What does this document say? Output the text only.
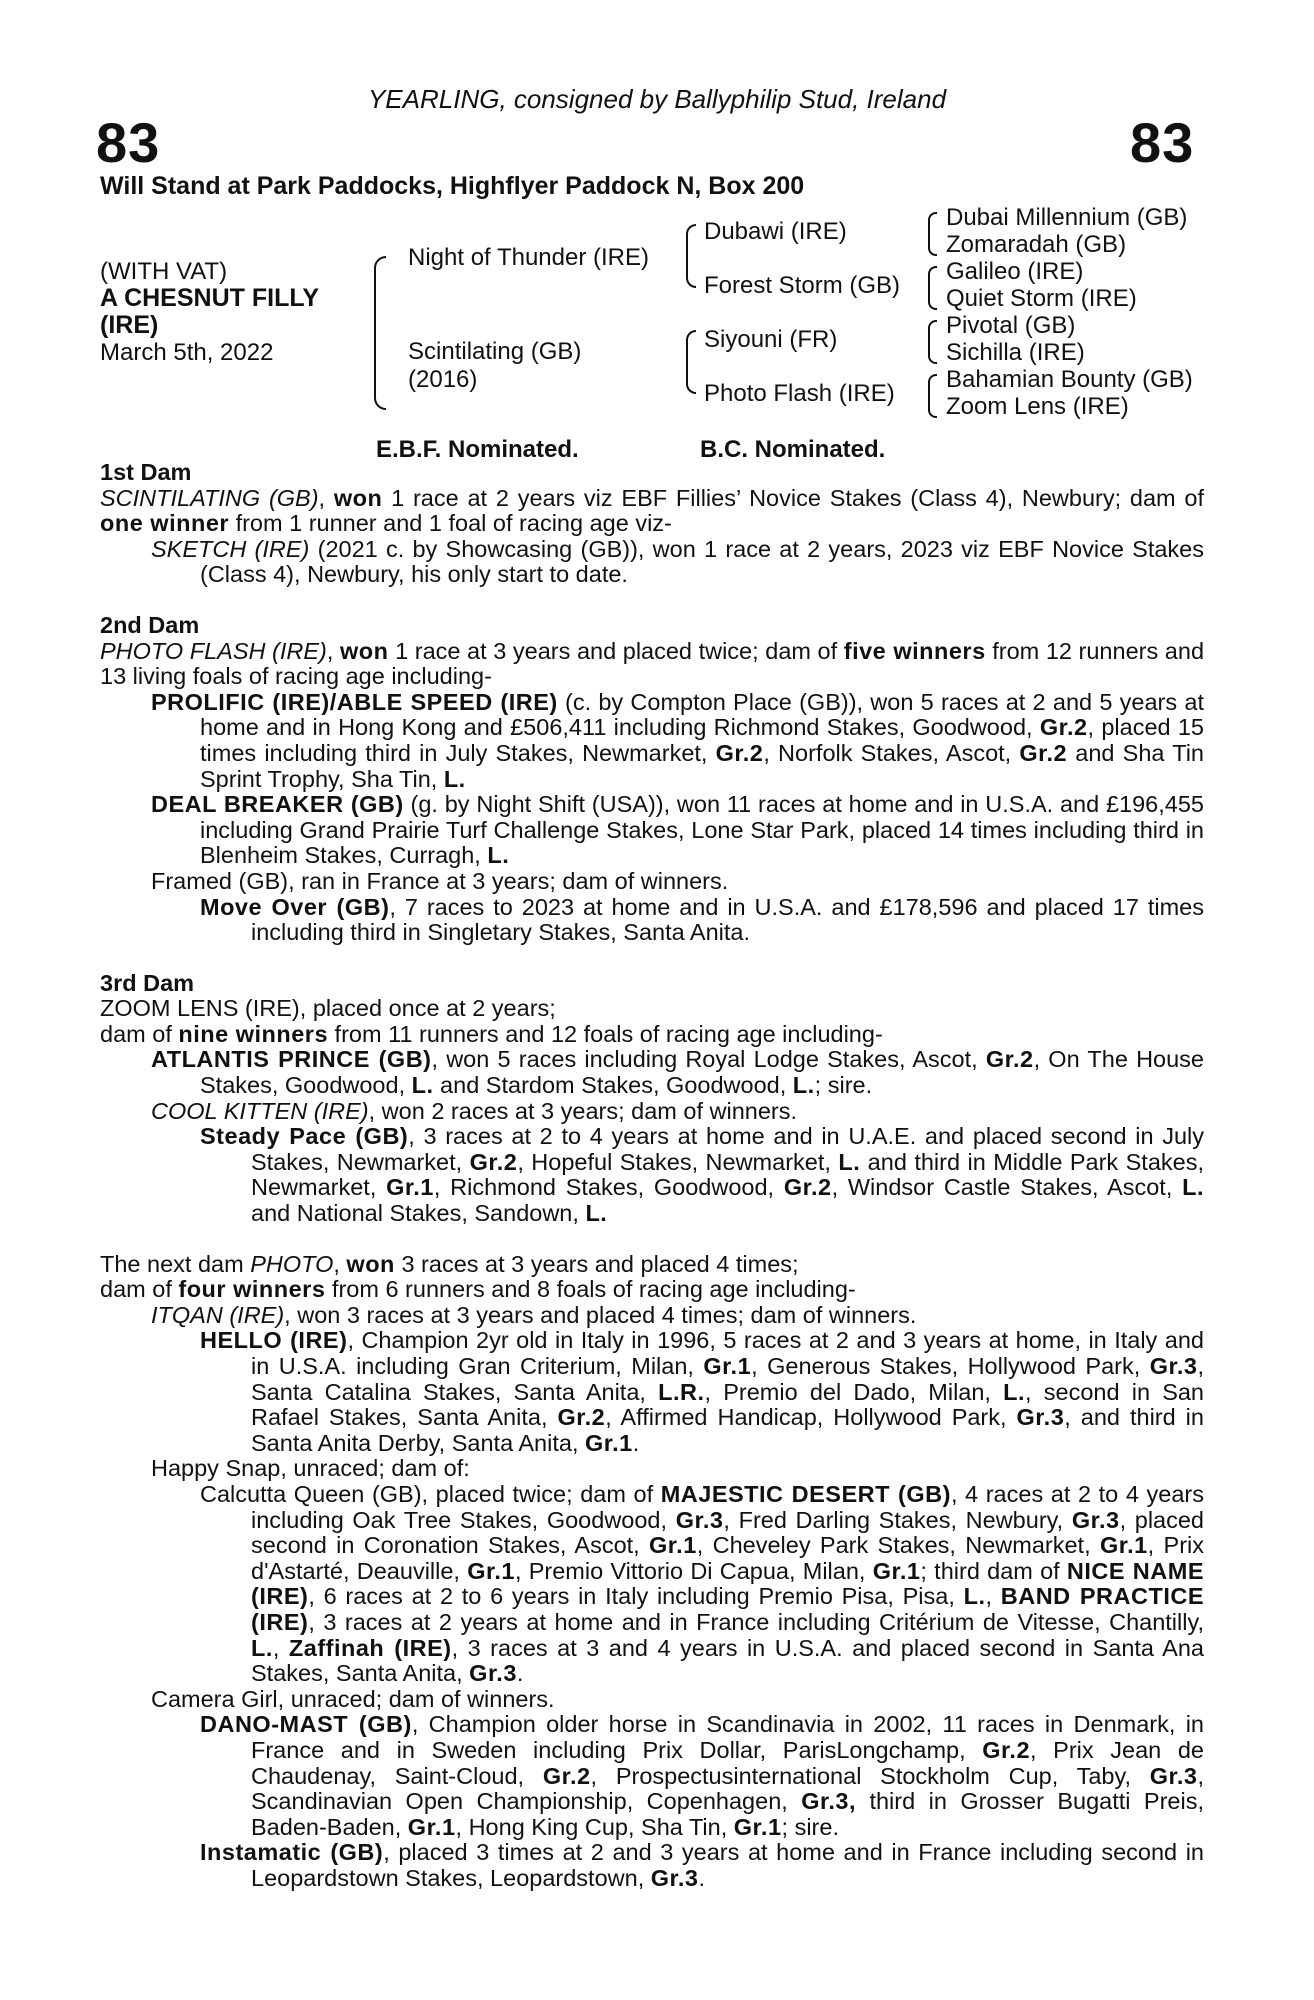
YEARLING, consigned by Ballyphilip Stud, Ireland
83	83
Will Stand at Park Paddocks, Highflyer Paddock N, Box 200
(WITH VAT)
A CHESNUT FILLY
(IRE)
March 5th, 2022
Night of Thunder (IRE)
Scintilating (GB)
(2016)
Dubawi (IRE)
Forest Storm (GB)
Siyouni (FR)
Photo Flash (IRE)
Dubai Millennium (GB)
Zomaradah (GB)
Galileo (IRE)
Quiet Storm (IRE)
Pivotal (GB)
Sichilla (IRE)
Bahamian Bounty (GB)
Zoom Lens (IRE)
E.B.F. Nominated.	B.C. Nominated.

1st Dam

SCINTILATING (GB), won 1 race at 2 years viz EBF Fillies’ Novice Stakes (Class 4), Newbury; dam of one winner from 1 runner and 1 foal of racing age viz-

SKETCH (IRE) (2021 c. by Showcasing (GB)), won 1 race at 2 years, 2023 viz EBF Novice Stakes (Class 4), Newbury, his only start to date.

2nd Dam

PHOTO FLASH (IRE), won 1 race at 3 years and placed twice; dam of five winners from 12 runners and 13 living foals of racing age including-

PROLIFIC (IRE)/ABLE SPEED (IRE) (c. by Compton Place (GB)), won 5 races at 2 and 5 years at home and in Hong Kong and £506,411 including Richmond Stakes, Goodwood, Gr.2, placed 15 times including third in July Stakes, Newmarket, Gr.2, Norfolk Stakes, Ascot, Gr.2 and Sha Tin Sprint Trophy, Sha Tin, L.

DEAL BREAKER (GB) (g. by Night Shift (USA)), won 11 races at home and in U.S.A. and £196,455 including Grand Prairie Turf Challenge Stakes, Lone Star Park, placed 14 times including third in Blenheim Stakes, Curragh, L.

Framed (GB), ran in France at 3 years; dam of winners.

Move Over (GB), 7 races to 2023 at home and in U.S.A. and £178,596 and placed 17 times including third in Singletary Stakes, Santa Anita.

3rd Dam

ZOOM LENS (IRE), placed once at 2 years;
dam of nine winners from 11 runners and 12 foals of racing age including-

ATLANTIS PRINCE (GB), won 5 races including Royal Lodge Stakes, Ascot, Gr.2, On The House Stakes, Goodwood, L. and Stardom Stakes, Goodwood, L.; sire.

COOL KITTEN (IRE), won 2 races at 3 years; dam of winners.

Steady Pace (GB), 3 races at 2 to 4 years at home and in U.A.E. and placed second in July Stakes, Newmarket, Gr.2, Hopeful Stakes, Newmarket, L. and third in Middle Park Stakes, Newmarket, Gr.1, Richmond Stakes, Goodwood, Gr.2, Windsor Castle Stakes, Ascot, L. and National Stakes, Sandown, L.

The next dam PHOTO, won 3 races at 3 years and placed 4 times;
dam of four winners from 6 runners and 8 foals of racing age including-

ITQAN (IRE), won 3 races at 3 years and placed 4 times; dam of winners.

HELLO (IRE), Champion 2yr old in Italy in 1996, 5 races at 2 and 3 years at home, in Italy and in U.S.A. including Gran Criterium, Milan, Gr.1, Generous Stakes, Hollywood Park, Gr.3, Santa Catalina Stakes, Santa Anita, L.R., Premio del Dado, Milan, L., second in San Rafael Stakes, Santa Anita, Gr.2, Affirmed Handicap, Hollywood Park, Gr.3, and third in Santa Anita Derby, Santa Anita, Gr.1.

Happy Snap, unraced; dam of:

Calcutta Queen (GB), placed twice; dam of MAJESTIC DESERT (GB), 4 races at 2 to 4 years including Oak Tree Stakes, Goodwood, Gr.3, Fred Darling Stakes, Newbury, Gr.3, placed second in Coronation Stakes, Ascot, Gr.1, Cheveley Park Stakes, Newmarket, Gr.1, Prix d'Astarté, Deauville, Gr.1, Premio Vittorio Di Capua, Milan, Gr.1; third dam of NICE NAME (IRE), 6 races at 2 to 6 years in Italy including Premio Pisa, Pisa, L., BAND PRACTICE (IRE), 3 races at 2 years at home and in France including Critérium de Vitesse, Chantilly, L., Zaffinah (IRE), 3 races at 3 and 4 years in U.S.A. and placed second in Santa Ana Stakes, Santa Anita, Gr.3.

Camera Girl, unraced; dam of winners.

DANO-MAST (GB), Champion older horse in Scandinavia in 2002, 11 races in Denmark, in France and in Sweden including Prix Dollar, ParisLongchamp, Gr.2, Prix Jean de Chaudenay, Saint-Cloud, Gr.2, Prospectusinternational Stockholm Cup, Taby, Gr.3, Scandinavian Open Championship, Copenhagen, Gr.3, third in Grosser Bugatti Preis, Baden-Baden, Gr.1, Hong King Cup, Sha Tin, Gr.1; sire.

Instamatic (GB), placed 3 times at 2 and 3 years at home and in France including second in Leopardstown Stakes, Leopardstown, Gr.3.
